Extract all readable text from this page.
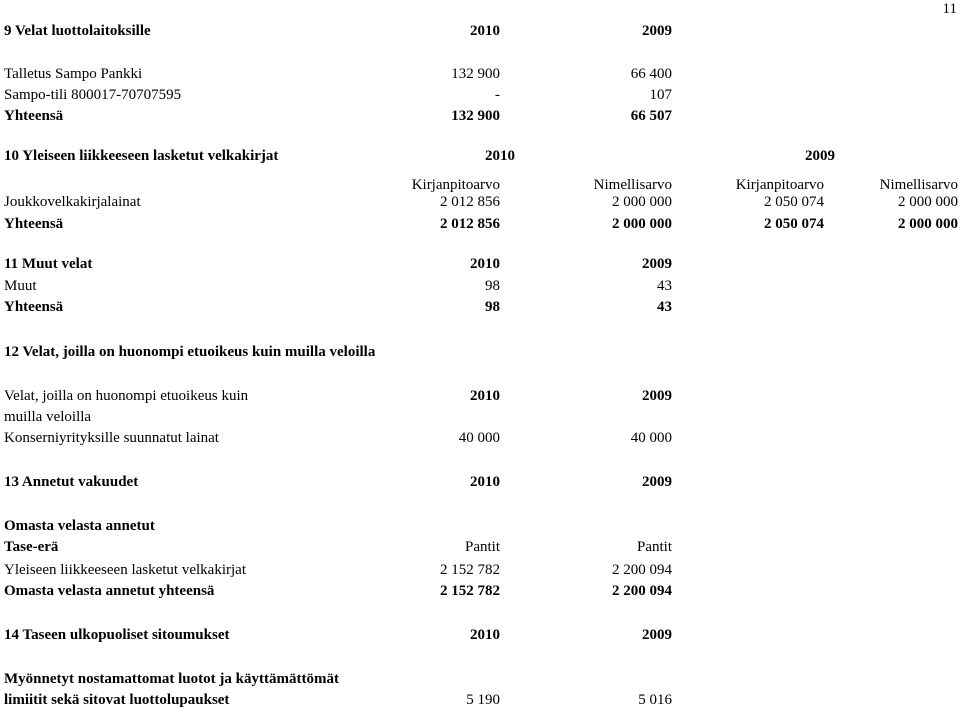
11
9 Velat luottolaitoksille	2010	2009
Talletus Sampo Pankki	132 900	66 400
Sampo-tili 800017-70707595	-	107
Yhteensä	132 900	66 507
10 Yleiseen liikkeeseen lasketut velkakirjat	2010	2009
Kirjanpitoarvo	Nimellisarvo	Kirjanpitoarvo	Nimellisarvo
Joukkovelkakirjalainat	2 012 856	2 000 000	2 050 074	2 000 000
Yhteensä	2 012 856	2 000 000	2 050 074	2 000 000
11 Muut velat	2010	2009
Muut	98	43
Yhteensä	98	43
12 Velat, joilla on huonompi etuoikeus kuin muilla veloilla
Velat, joilla on huonompi etuoikeus kuin	2010	2009
muilla veloilla
Konserniyrityksille suunnatut lainat	40 000	40 000
13 Annetut vakuudet	2010	2009
Omasta velasta annetut
Tase-erä	Pantit	Pantit
Yleiseen liikkeeseen lasketut velkakirjat	2 152 782	2 200 094
Omasta velasta annetut yhteensä	2 152 782	2 200 094
14 Taseen ulkopuoliset sitoumukset	2010	2009
Myönnetyt nostamattomat luotot ja käyttämättömät
limiitit sekä sitovat luottolupaukset	5 190	5 016
